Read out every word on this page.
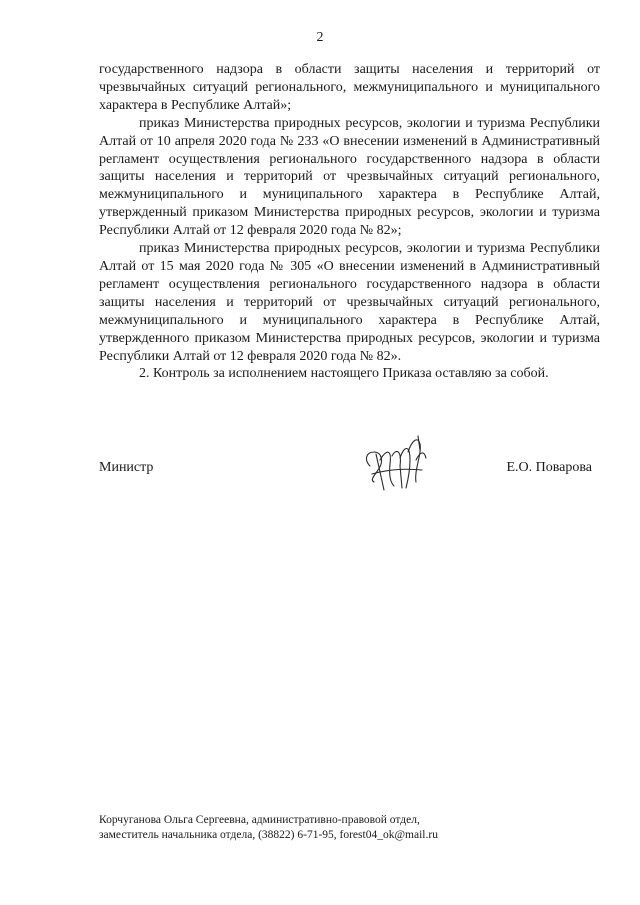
2

государственного надзора в области защиты населения и территорий от чрезвычайных ситуаций регионального, межмуниципального и муниципального характера в Республике Алтай»;

приказ Министерства природных ресурсов, экологии и туризма Республики Алтай от 10 апреля 2020 года № 233 «О внесении изменений в Административный регламент осуществления регионального государственного надзора в области защиты населения и территорий от чрезвычайных ситуаций регионального, межмуниципального и муниципального характера в Республике Алтай, утвержденный приказом Министерства природных ресурсов, экологии и туризма Республики Алтай от 12 февраля 2020 года № 82»;

приказ Министерства природных ресурсов, экологии и туризма Республики Алтай от 15 мая 2020 года № 305 «О внесении изменений в Административный регламент осуществления регионального государственного надзора в области защиты населения и территорий от чрезвычайных ситуаций регионального, межмуниципального и муниципального характера в Республике Алтай, утвержденного приказом Министерства природных ресурсов, экологии и туризма Республики Алтай от 12 февраля 2020 года № 82».

2. Контроль за исполнением настоящего Приказа оставляю за собой.

Министр	Е.О. Поварова
Корчуганова Ольга Сергеевна, административно-правовой отдел,
заместитель начальника отдела, (38822) 6-71-95, forest04_ok@mail.ru
